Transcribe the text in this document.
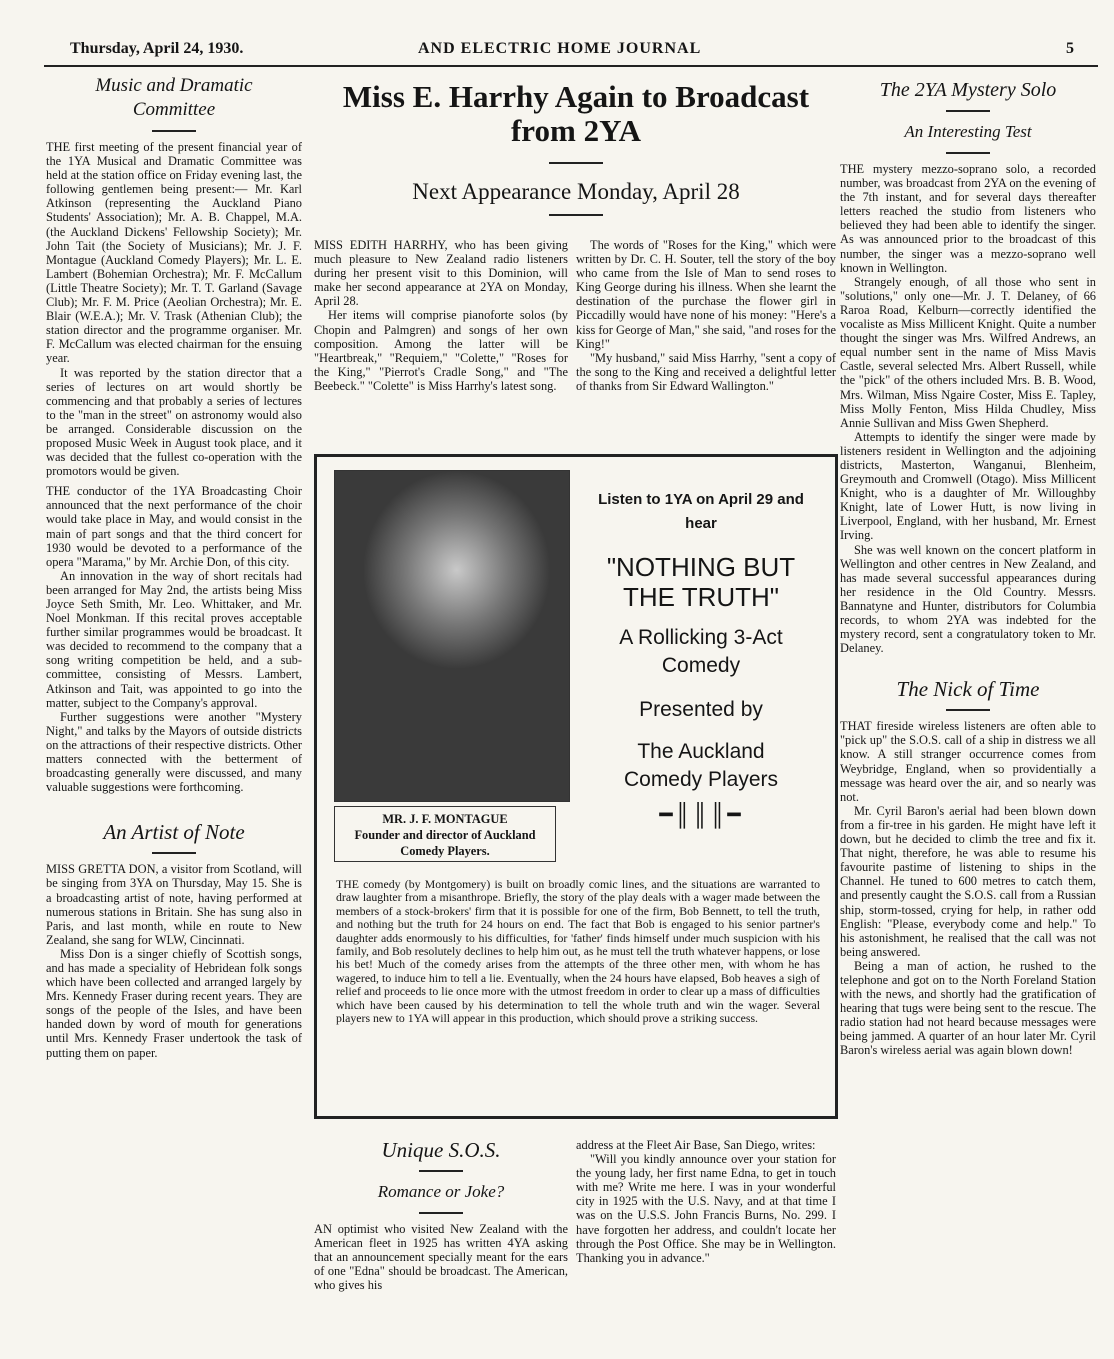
Thursday, April 24, 1930.	AND ELECTRIC HOME JOURNAL	5
Music and Dramatic Committee

THE first meeting of the present financial year of the 1YA Musical and Dramatic Committee was held at the station office on Friday evening last, the following gentlemen being present:— Mr. Karl Atkinson (representing the Auckland Piano Students' Association); Mr. A. B. Chappel, M.A. (the Auckland Dickens' Fellowship Society); Mr. John Tait (the Society of Musicians); Mr. J. F. Montague (Auckland Comedy Players); Mr. L. E. Lambert (Bohemian Orchestra); Mr. F. McCallum (Little Theatre Society); Mr. T. T. Garland (Savage Club); Mr. F. M. Price (Aeolian Orchestra); Mr. E. Blair (W.E.A.); Mr. V. Trask (Athenian Club); the station director and the programme organiser. Mr. F. McCallum was elected chairman for the ensuing year.

It was reported by the station director that a series of lectures on art would shortly be commencing and that probably a series of lectures to the "man in the street" on astronomy would also be arranged. Considerable discussion on the proposed Music Week in August took place, and it was decided that the fullest co-operation with the promotors would be given.

THE conductor of the 1YA Broadcasting Choir announced that the next performance of the choir would take place in May, and would consist in the main of part songs and that the third concert for 1930 would be devoted to a performance of the opera "Marama," by Mr. Archie Don, of this city.

An innovation in the way of short recitals had been arranged for May 2nd, the artists being Miss Joyce Seth Smith, Mr. Leo. Whittaker, and Mr. Noel Monkman. If this recital proves acceptable further similar programmes would be broadcast. It was decided to recommend to the company that a song writing competition be held, and a sub-committee, consisting of Messrs. Lambert, Atkinson and Tait, was appointed to go into the matter, subject to the Company's approval.

Further suggestions were another "Mystery Night," and talks by the Mayors of outside districts on the attractions of their respective districts. Other matters connected with the betterment of broadcasting generally were discussed, and many valuable suggestions were forthcoming.

An Artist of Note

MISS GRETTA DON, a visitor from Scotland, will be singing from 3YA on Thursday, May 15. She is a broadcasting artist of note, having performed at numerous stations in Britain. She has sung also in Paris, and last month, while en route to New Zealand, she sang for WLW, Cincinnati.

Miss Don is a singer chiefly of Scottish songs, and has made a speciality of Hebridean folk songs which have been collected and arranged largely by Mrs. Kennedy Fraser during recent years. They are songs of the people of the Isles, and have been handed down by word of mouth for generations until Mrs. Kennedy Fraser undertook the task of putting them on paper.

Miss E. Harrhy Again to Broadcast from 2YA
Next Appearance Monday, April 28

MISS EDITH HARRHY, who has been giving much pleasure to New Zealand radio listeners during her present visit to this Dominion, will make her second appearance at 2YA on Monday, April 28.

Her items will comprise pianoforte solos (by Chopin and Palmgren) and songs of her own composition. Among the latter will be "Heartbreak," "Requiem," "Colette," "Roses for the King," "Pierrot's Cradle Song," and "The Beebeck." "Colette" is Miss Harrhy's latest song.

The words of "Roses for the King," which were written by Dr. C. H. Souter, tell the story of the boy who came from the Isle of Man to send roses to King George during his illness. When she learnt the destination of the purchase the flower girl in Piccadilly would have none of his money: "Here's a kiss for George of Man," she said, "and roses for the King!"

"My husband," said Miss Harrhy, "sent a copy of the song to the King and received a delightful letter of thanks from Sir Edward Wallington."

MR. J. F. MONTAGUE
Founder and director of Auckland Comedy Players.
Listen to 1YA on April 29 and hear
"NOTHING BUT THE TRUTH"
A Rollicking 3-Act Comedy
Presented by
The Auckland Comedy Players
━║║║━
THE comedy (by Montgomery) is built on broadly comic lines, and the situations are warranted to draw laughter from a misanthrope. Briefly, the story of the play deals with a wager made between the members of a stock-brokers' firm that it is possible for one of the firm, Bob Bennett, to tell the truth, and nothing but the truth for 24 hours on end. The fact that Bob is engaged to his senior partner's daughter adds enormously to his difficulties, for 'father' finds himself under much suspicion with his family, and Bob resolutely declines to help him out, as he must tell the truth whatever happens, or lose his bet! Much of the comedy arises from the attempts of the three other men, with whom he has wagered, to induce him to tell a lie. Eventually, when the 24 hours have elapsed, Bob heaves a sigh of relief and proceeds to lie once more with the utmost freedom in order to clear up a mass of difficulties which have been caused by his determination to tell the whole truth and win the wager. Several players new to 1YA will appear in this production, which should prove a striking success.
Unique S.O.S.
Romance or Joke?

AN optimist who visited New Zealand with the American fleet in 1925 has written 4YA asking that an announcement specially meant for the ears of one "Edna" should be broadcast. The American, who gives his

address at the Fleet Air Base, San Diego, writes:

"Will you kindly announce over your station for the young lady, her first name Edna, to get in touch with me? Write me here. I was in your wonderful city in 1925 with the U.S. Navy, and at that time I was on the U.S.S. John Francis Burns, No. 299. I have forgotten her address, and couldn't locate her through the Post Office. She may be in Wellington. Thanking you in advance."

The 2YA Mystery Solo
An Interesting Test

THE mystery mezzo-soprano solo, a recorded number, was broadcast from 2YA on the evening of the 7th instant, and for several days thereafter letters reached the studio from listeners who believed they had been able to identify the singer. As was announced prior to the broadcast of this number, the singer was a mezzo-soprano well known in Wellington.

Strangely enough, of all those who sent in "solutions," only one—Mr. J. T. Delaney, of 66 Raroa Road, Kelburn—correctly identified the vocaliste as Miss Millicent Knight. Quite a number thought the singer was Mrs. Wilfred Andrews, an equal number sent in the name of Miss Mavis Castle, several selected Mrs. Albert Russell, while the "pick" of the others included Mrs. B. B. Wood, Mrs. Wilman, Miss Ngaire Coster, Miss E. Tapley, Miss Molly Fenton, Miss Hilda Chudley, Miss Annie Sullivan and Miss Gwen Shepherd.

Attempts to identify the singer were made by listeners resident in Wellington and the adjoining districts, Masterton, Wanganui, Blenheim, Greymouth and Cromwell (Otago). Miss Millicent Knight, who is a daughter of Mr. Willoughby Knight, late of Lower Hutt, is now living in Liverpool, England, with her husband, Mr. Ernest Irving.

She was well known on the concert platform in Wellington and other centres in New Zealand, and has made several successful appearances during her residence in the Old Country. Messrs. Bannatyne and Hunter, distributors for Columbia records, to whom 2YA was indebted for the mystery record, sent a congratulatory token to Mr. Delaney.

The Nick of Time

THAT fireside wireless listeners are often able to "pick up" the S.O.S. call of a ship in distress we all know. A still stranger occurrence comes from Weybridge, England, when so providentially a message was heard over the air, and so nearly was not.

Mr. Cyril Baron's aerial had been blown down from a fir-tree in his garden. He might have left it down, but he decided to climb the tree and fix it. That night, therefore, he was able to resume his favourite pastime of listening to ships in the Channel. He tuned to 600 metres to catch them, and presently caught the S.O.S. call from a Russian ship, storm-tossed, crying for help, in rather odd English: "Please, everybody come and help." To his astonishment, he realised that the call was not being answered.

Being a man of action, he rushed to the telephone and got on to the North Foreland Station with the news, and shortly had the gratification of hearing that tugs were being sent to the rescue. The radio station had not heard because messages were being jammed. A quarter of an hour later Mr. Cyril Baron's wireless aerial was again blown down!
